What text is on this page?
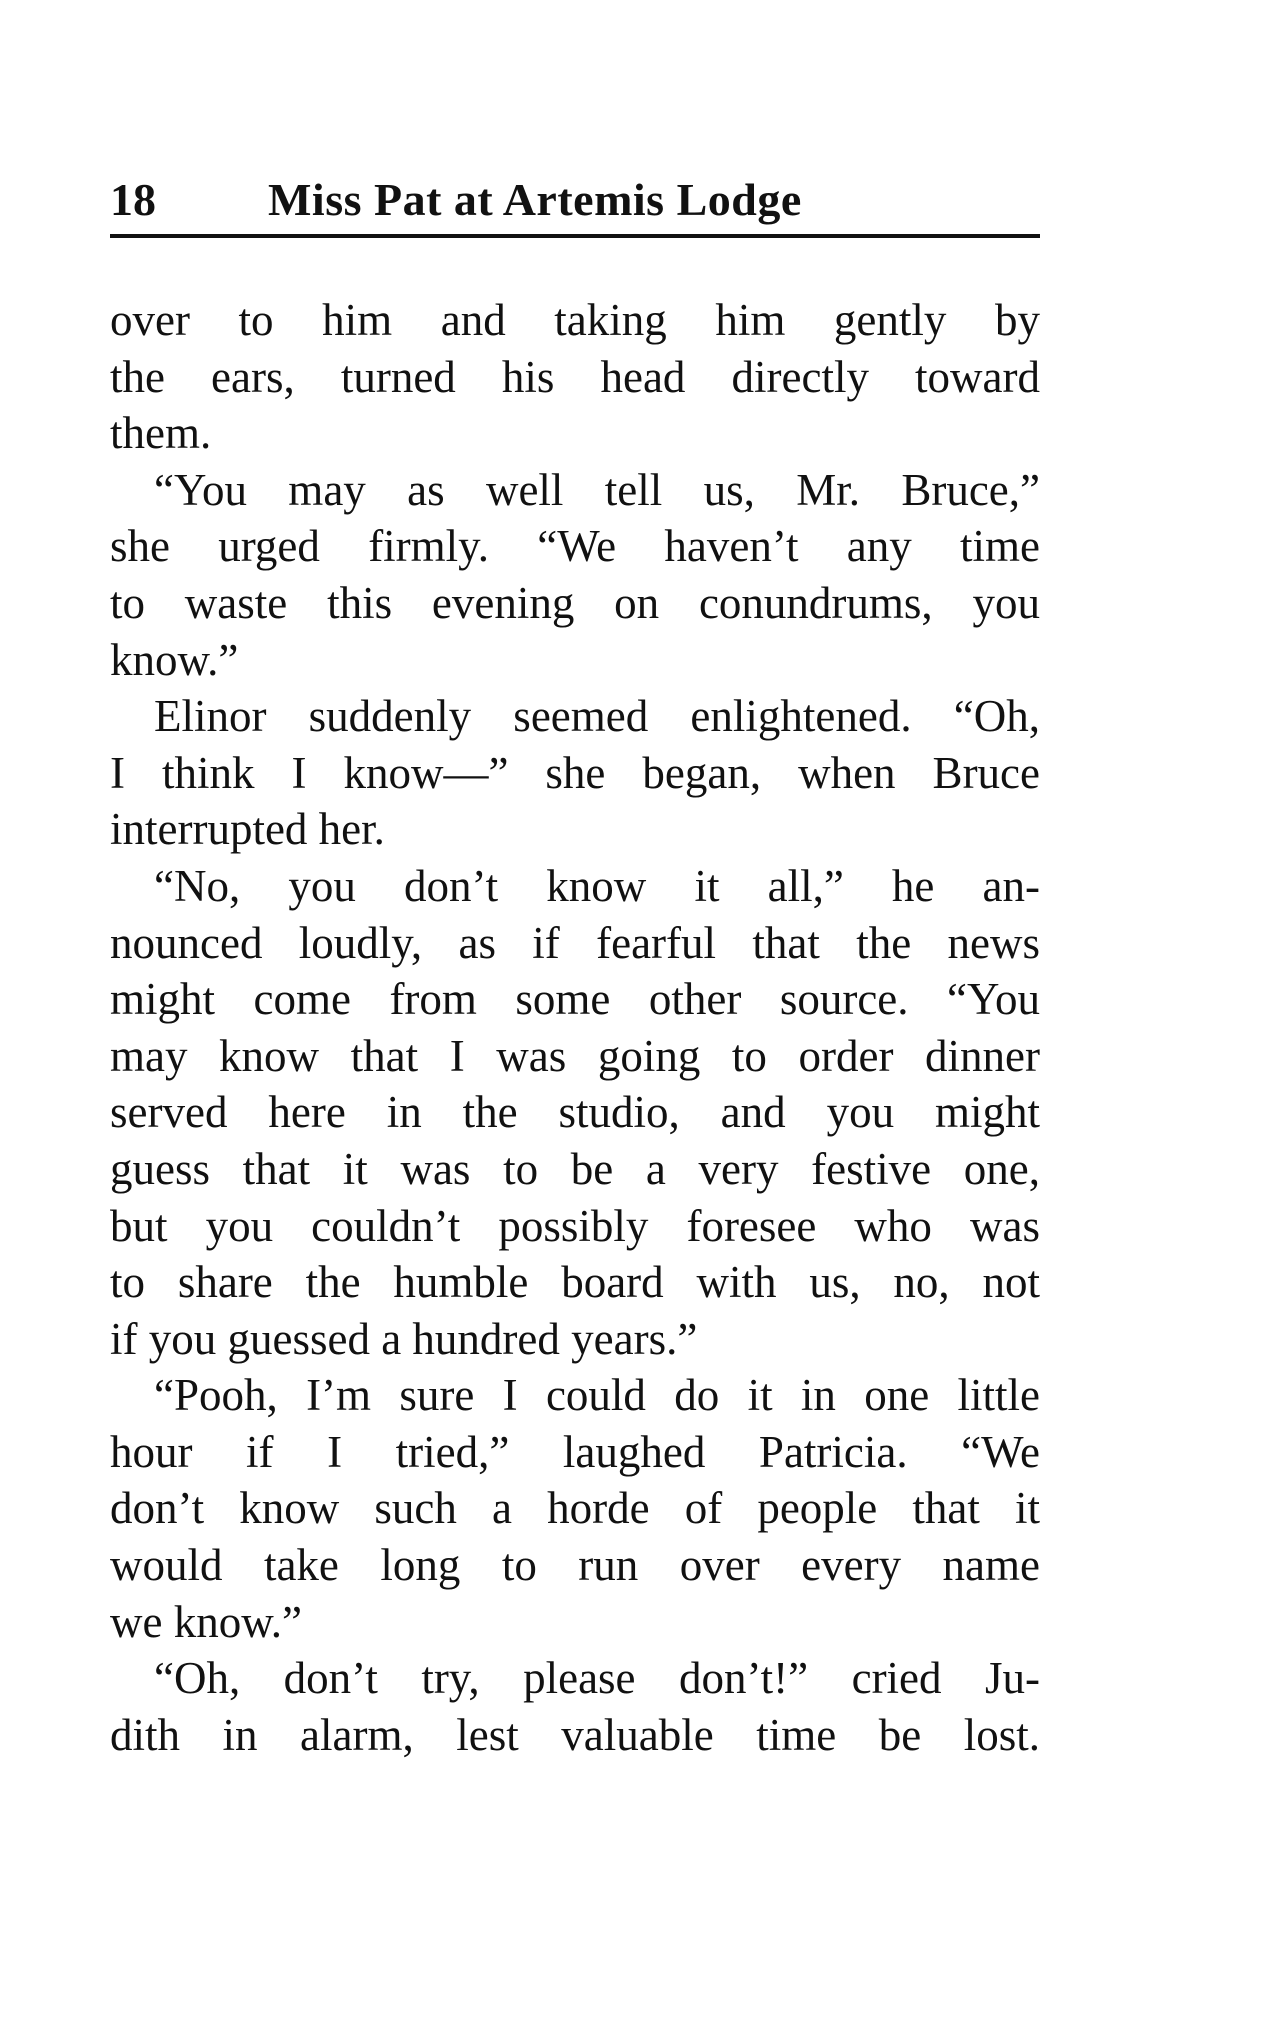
18 Miss Pat at Artemis Lodge
over to him and taking him gently by
the ears, turned his head directly toward
them.
“You may as well tell us, Mr. Bruce,”
she urged firmly. “We haven’t any time
to waste this evening on conundrums, you
know.”
Elinor suddenly seemed enlightened. “Oh,
I think I know—” she began, when Bruce
interrupted her.
“No, you don’t know it all,” he an-
nounced loudly, as if fearful that the news
might come from some other source. “You
may know that I was going to order dinner
served here in the studio, and you might
guess that it was to be a very festive one,
but you couldn’t possibly foresee who was
to share the humble board with us, no, not
if you guessed a hundred years.”
“Pooh, I’m sure I could do it in one little
hour if I tried,” laughed Patricia. “We
don’t know such a horde of people that it
would take long to run over every name
we know.”
“Oh, don’t try, please don’t!” cried Ju-
dith in alarm, lest valuable time be lost.
